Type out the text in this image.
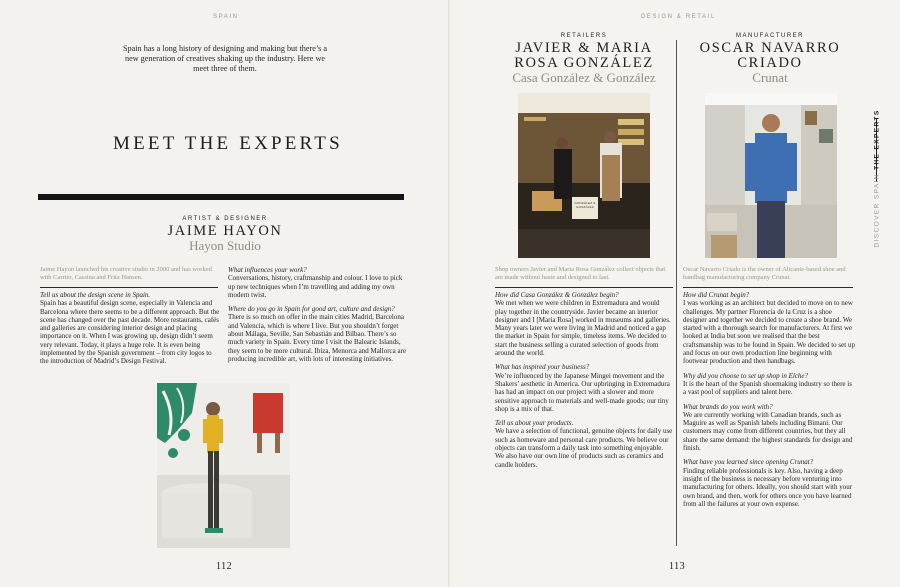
SPAIN
Spain has a long history of designing and making but there’s a new generation of creatives shaking up the industry. Here we meet three of them.
MEET THE EXPERTS
ARTIST & DESIGNER
JAIME HAYON
Hayon Studio
Jaime Hayon launched his creative studio in 2000 and has worked with Carrier, Cassina and Fritz Hansen.
Tell us about the design scene in Spain.
Spain has a beautiful design scene, especially in Valencia and Barcelona where there seems to be a different approach. But the scene has changed over the past decade. More restaurants, cafés and galleries are considering interior design and placing importance on it. When I was growing up, design didn’t seem very relevant. Today, it plays a huge role. It is even being implemented by the Spanish government – from city logos to the introduction of Madrid’s Design Festival.
What influences your work?
Conversations, history, craftmanship and colour. I love to pick up new techniques when I’m travelling and adding my own modern twist.
Where do you go in Spain for good art, culture and design?
There is so much on offer in the main cities Madrid, Barcelona and Valencia, which is where I live. But you shouldn’t forget about Málaga, Seville, San Sebastián and Bilbao. There’s so much variety in Spain. Every time I visit the Balearic Islands, they seem to be more cultural. Ibiza, Menorca and Mallorca are producing incredible art, with lots of interesting initiatives.
112
DESIGN & RETAIL
RETAILERS
JAVIER & MARIA ROSA GONZÁLEZ
Casa González & González
MANUFACTURER
OSCAR NAVARRO CRIADO
Crunat
GONZÁLEZ & GONZÁLEZ
Shop owners Javier and Maria Rosa González collect objects that are made without haste and designed to last.
Oscar Navarro Criado is the owner of Alicante-based shoe and handbag manufacturing company Crunat.
How did Casa González & González begin?
We met when we were children in Extremadura and would play together in the countryside. Javier became an interior designer and I [Maria Rosa] worked in museums and galleries. Many years later we were living in Madrid and noticed a gap the market in Spain for simple, timeless items. We decided to start the business selling a curated selection of goods from around the world.
What has inspired your business?
We’re influenced by the Japanese Mingei movement and the Shakers’ aesthetic in America. Our upbringing in Extremadura has had an impact on our project with a slower and more sensitive approach to materials and well-made goods; our tiny shop is a mix of that.
Tell us about your products.
We have a selection of functional, genuine objects for daily use such as homeware and personal care products. We believe our objects can transform a daily task into something enjoyable. We also have our own line of products such as ceramics and candle holders.
How did Crunat begin?
I was working as an architect but decided to move on to new challenges. My partner Florencia de la Cruz is a shoe designer and together we decided to create a shoe brand. We started with a thorough search for manufacturers. At first we looked at India but soon we realised that the best craftsmanship was to be found in Spain. We decided to set up and focus on our own production line beginning with footwear production and then handbags.
Why did you choose to set up shop in Elche?
It is the heart of the Spanish shoemaking industry so there is a vast pool of suppliers and talent here.
What brands do you work with?
We are currently working with Canadian brands, such as Maguire as well as Spanish labels including Bimani. Our customers may come from different countries, but they all share the same demand: the highest standards for design and finish.
What have you learned since opening Crunat?
Finding reliable professionals is key. Also, having a deep insight of the business is necessary before venturing into manufacturing for others. Ideally, you should start with your own brand, and then, work for others once you have learned from all the failures at your own expense.
DISCOVER SPAIN THE EXPERTS
113
